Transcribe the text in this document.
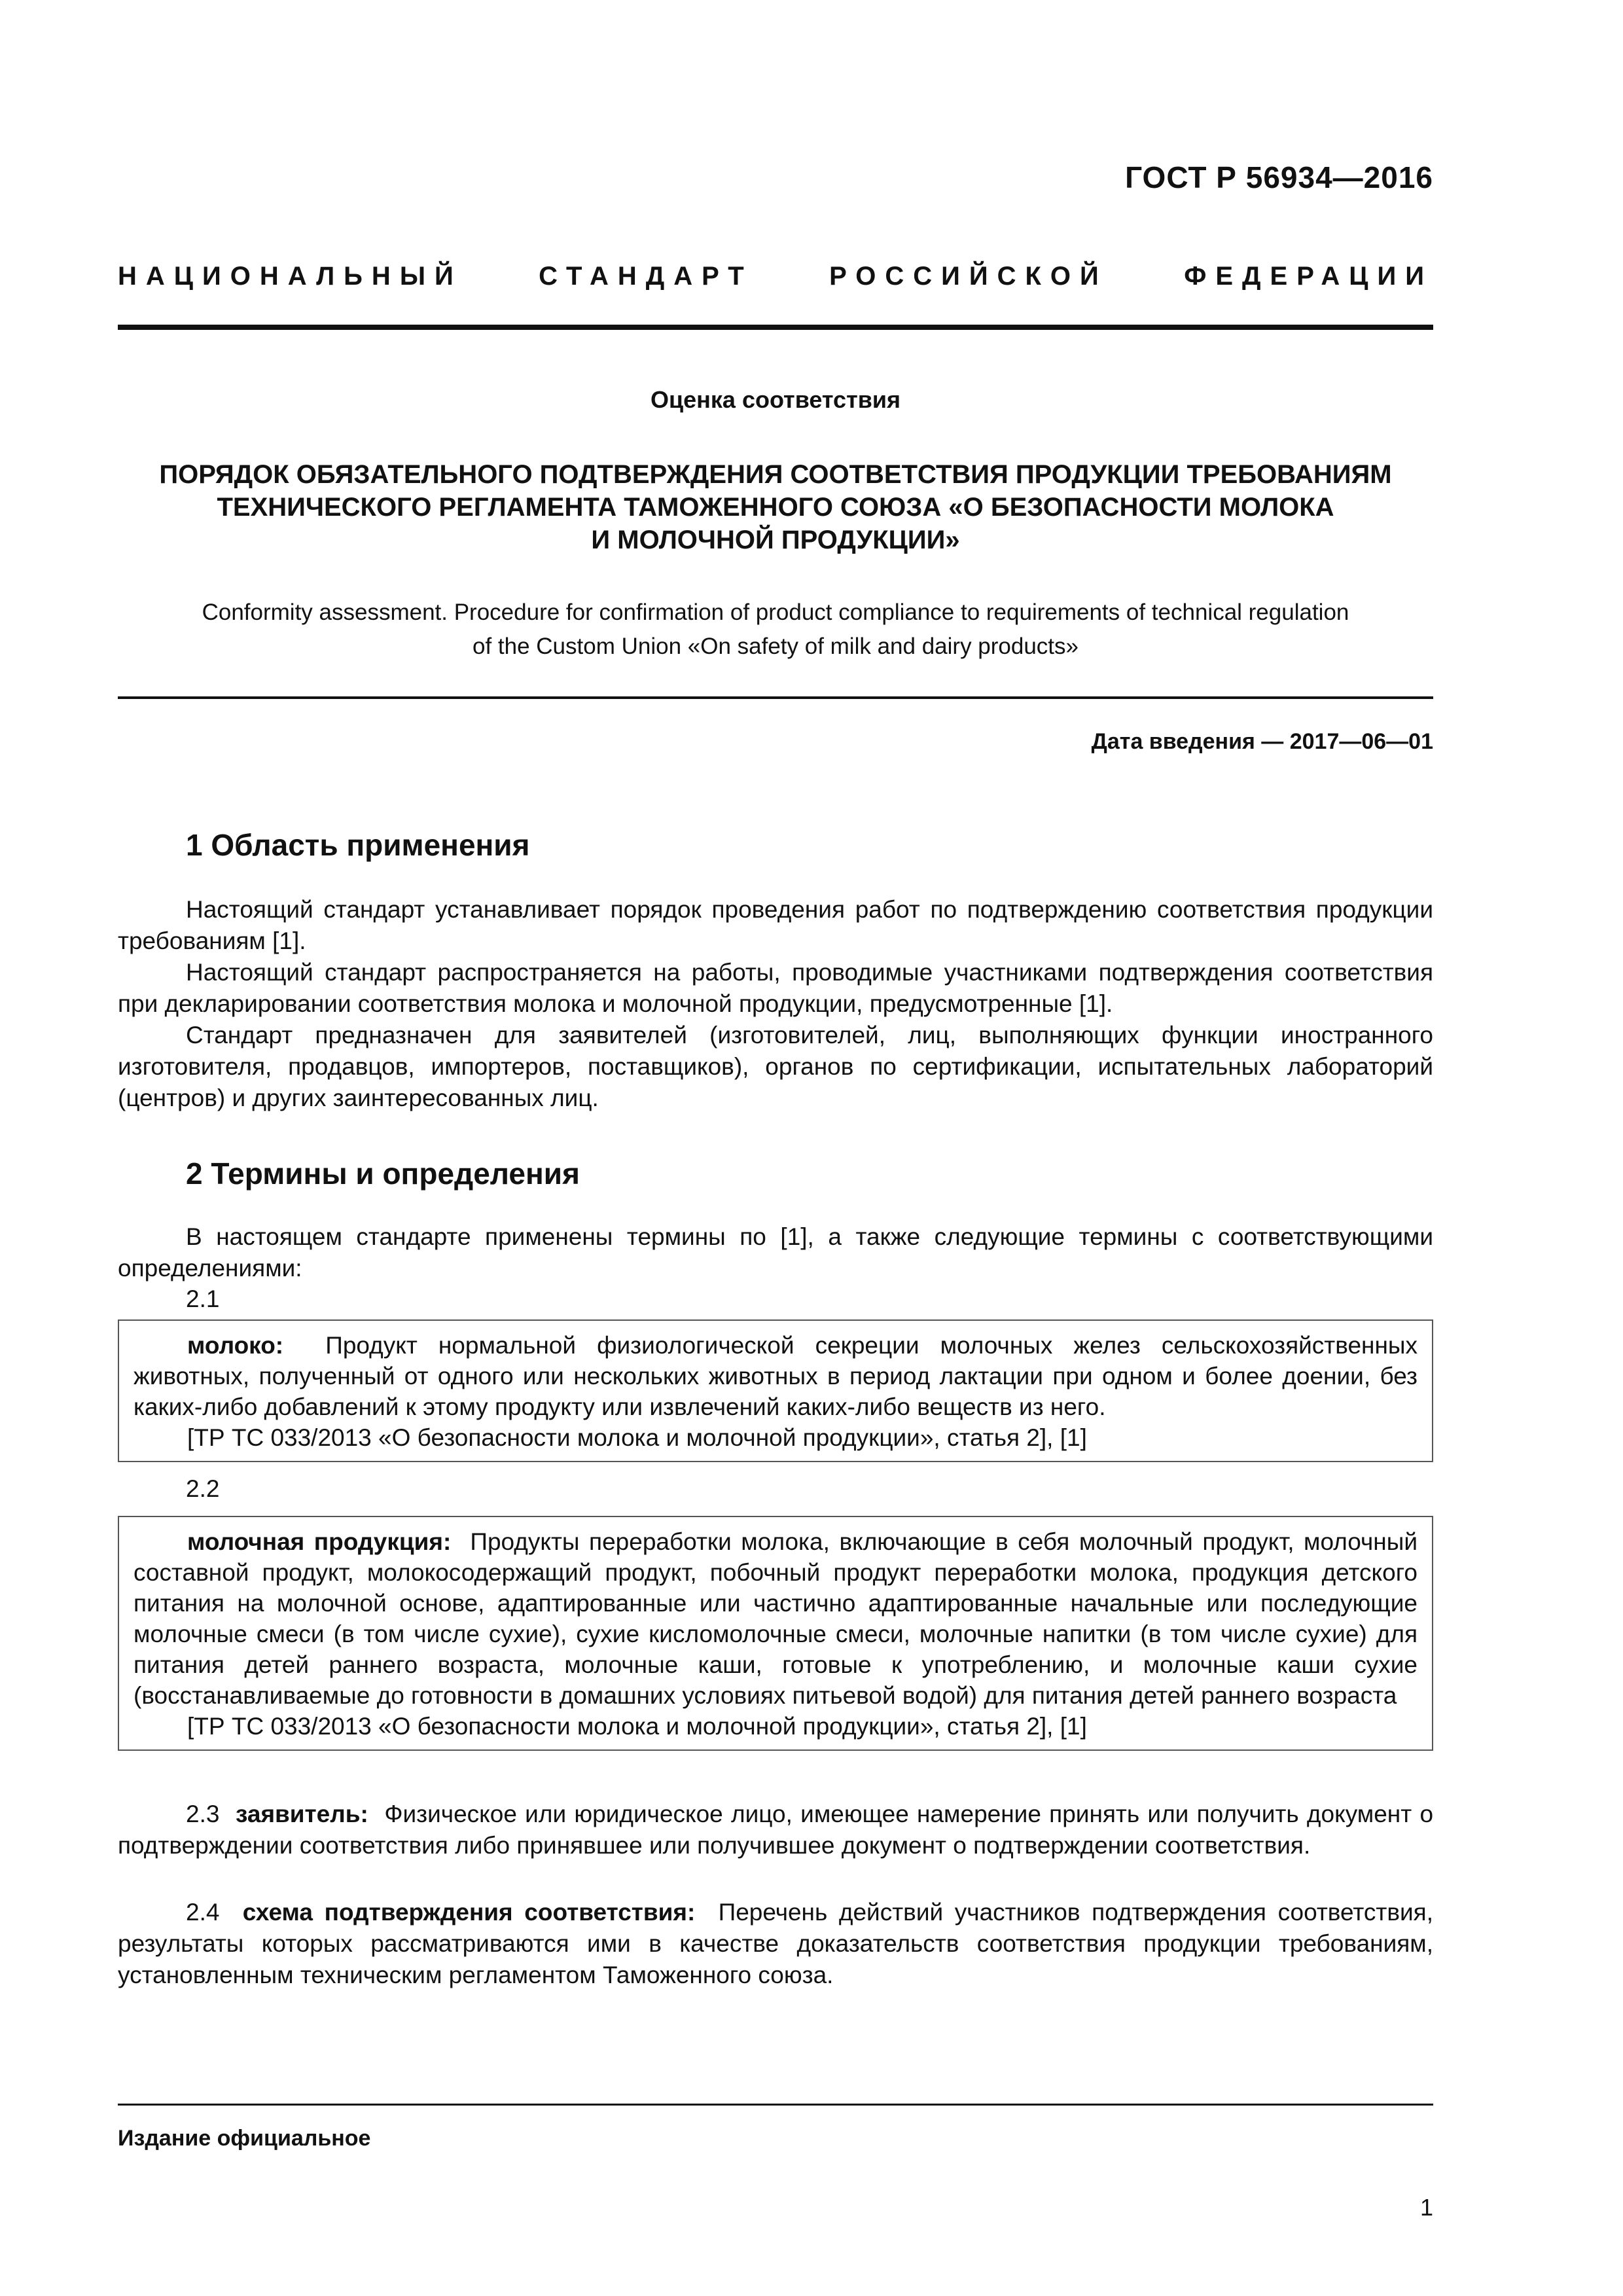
ГОСТ Р 56934—2016
НАЦИОНАЛЬНЫЙ	СТАНДАРТ	РОССИЙСКОЙ	ФЕДЕРАЦИИ
Оценка соответствия
ПОРЯДОК ОБЯЗАТЕЛЬНОГО ПОДТВЕРЖДЕНИЯ СООТВЕТСТВИЯ ПРОДУКЦИИ ТРЕБОВАНИЯМ
ТЕХНИЧЕСКОГО РЕГЛАМЕНТА ТАМОЖЕННОГО СОЮЗА «О БЕЗОПАСНОСТИ МОЛОКА
И МОЛОЧНОЙ ПРОДУКЦИИ»
Conformity assessment. Procedure for confirmation of product compliance to requirements of technical regulation
of the Custom Union «On safety of milk and dairy products»
Дата введения — 2017—06—01
1 Область применения

Настоящий стандарт устанавливает порядок проведения работ по подтверждению соответствия продукции требованиям [1].

Настоящий стандарт распространяется на работы, проводимые участниками подтверждения соответствия при декларировании соответствия молока и молочной продукции, предусмотренные [1].

Стандарт предназначен для заявителей (изготовителей, лиц, выполняющих функции иностранного изготовителя, продавцов, импортеров, поставщиков), органов по сертификации, испытательных лабораторий (центров) и других заинтересованных лиц.

2 Термины и определения

В настоящем стандарте применены термины по [1], а также следующие термины с соответствующими определениями:

2.1

молоко: Продукт нормальной физиологической секреции молочных желез сельскохозяйственных животных, полученный от одного или нескольких животных в период лактации при одном и более доении, без каких-либо добавлений к этому продукту или извлечений каких-либо веществ из него.

[ТР ТС 033/2013 «О безопасности молока и молочной продукции», статья 2], [1]

2.2

молочная продукция: Продукты переработки молока, включающие в себя молочный продукт, молочный составной продукт, молокосодержащий продукт, побочный продукт переработки молока, продукция детского питания на молочной основе, адаптированные или частично адаптированные начальные или последующие молочные смеси (в том числе сухие), сухие кисломолочные смеси, молочные напитки (в том числе сухие) для питания детей раннего возраста, молочные каши, готовые к употреблению, и молочные каши сухие (восстанавливаемые до готовности в домашних условиях питьевой водой) для питания детей раннего возраста

[ТР ТС 033/2013 «О безопасности молока и молочной продукции», статья 2], [1]

2.3 заявитель: Физическое или юридическое лицо, имеющее намерение принять или получить документ о подтверждении соответствия либо принявшее или получившее документ о подтверждении соответствия.

2.4 схема подтверждения соответствия: Перечень действий участников подтверждения соответствия, результаты которых рассматриваются ими в качестве доказательств соответствия продукции требованиям, установленным техническим регламентом Таможенного союза.

Издание официальное
1
